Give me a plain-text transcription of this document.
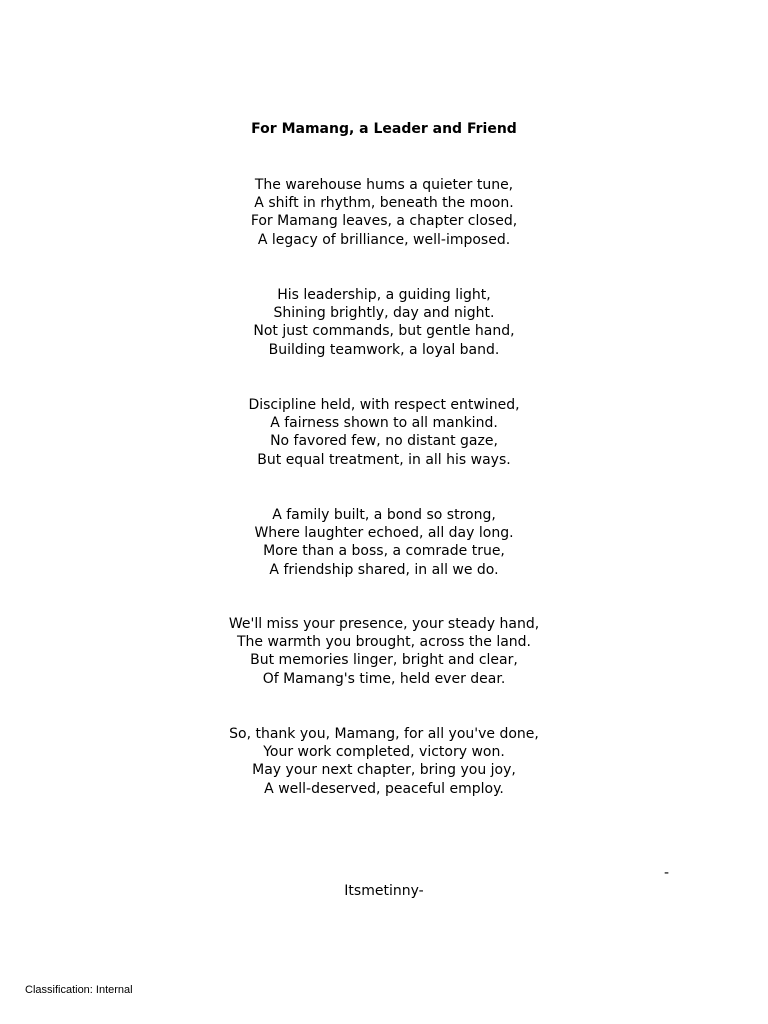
For Mamang, a Leader and Friend
The warehouse hums a quieter tune,
A shift in rhythm, beneath the moon.
For Mamang leaves, a chapter closed,
A legacy of brilliance, well-imposed.
His leadership, a guiding light,
Shining brightly, day and night.
Not just commands, but gentle hand,
Building teamwork, a loyal band.
Discipline held, with respect entwined,
A fairness shown to all mankind.
No favored few, no distant gaze,
But equal treatment, in all his ways.
A family built, a bond so strong,
Where laughter echoed, all day long.
More than a boss, a comrade true,
A friendship shared, in all we do.
We'll miss your presence, your steady hand,
The warmth you brought, across the land.
But memories linger, bright and clear,
Of Mamang's time, held ever dear.
So, thank you, Mamang, for all you've done,
Your work completed, victory won.
May your next chapter, bring you joy,
A well-deserved, peaceful employ.
-
Itsmetinny-
Classification: Internal
